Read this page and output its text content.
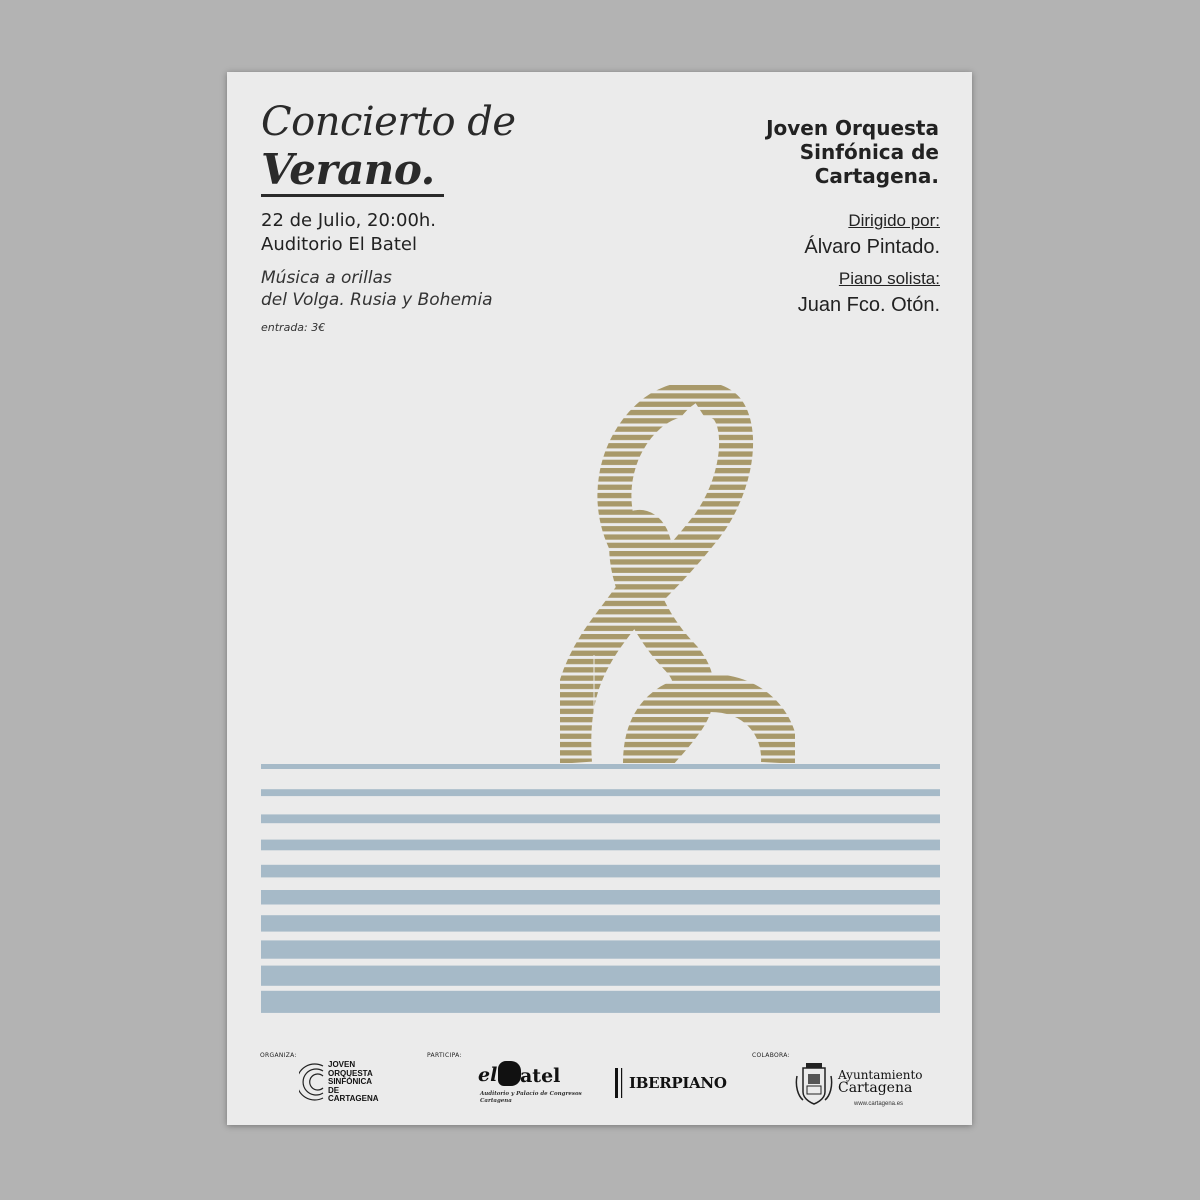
Concierto de
Verano.
22 de Julio, 20:00h.
Auditorio El Batel
Música a orillas
del Volga. Rusia y Bohemia
entrada: 3€
Joven Orquesta
Sinfónica de
Cartagena.
Dirigido por:
Álvaro Pintado.
Piano solista:
Juan Fco. Otón.
ORGANIZA:	PARTICIPA:	COLABORA:
JOVEN
ORQUESTA
SINFÓNICA
DE
CARTAGENA
el atel
Auditorio y Palacio de Congresos
Cartagena
IBERPIANO	Ayuntamiento
Cartagena
www.cartagena.es
